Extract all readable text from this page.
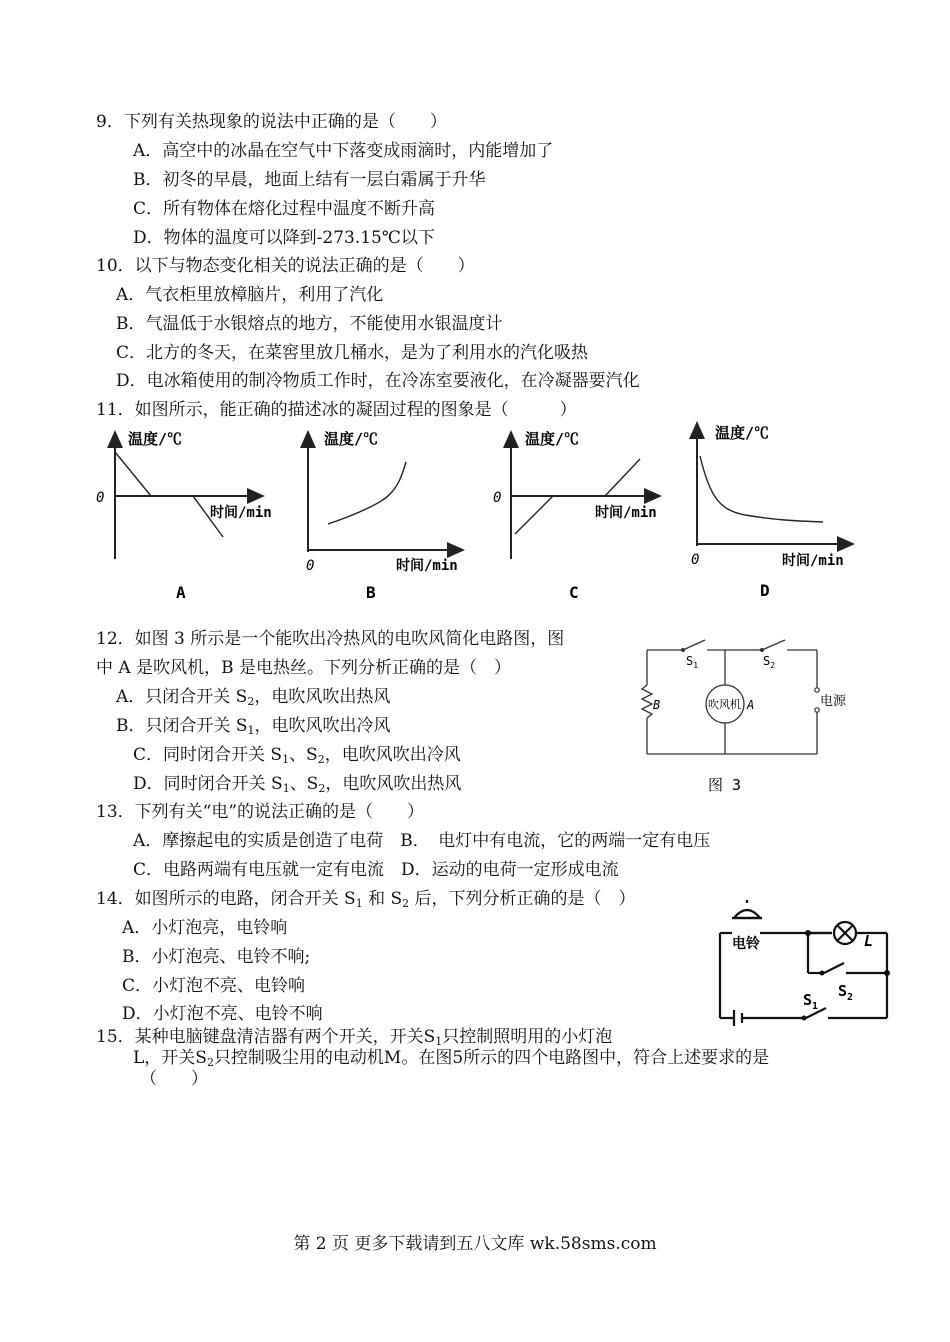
9．下列有关热现象的说法中正确的是（　　）
A．高空中的冰晶在空气中下落变成雨滴时，内能增加了
B．初冬的早晨，地面上结有一层白霜属于升华
C．所有物体在熔化过程中温度不断升高
D．物体的温度可以降到-273.15℃以下
10．以下与物态变化相关的说法正确的是（　　）
A．气衣柜里放樟脑片，利用了汽化
B．气温低于水银熔点的地方，不能使用水银温度计
C．北方的冬天，在菜窖里放几桶水，是为了利用水的汽化吸热
D．电冰箱使用的制冷物质工作时，在冷冻室要液化，在冷凝器要汽化
11．如图所示，能正确的描述冰的凝固过程的图象是（　　　）
温度/℃
0
时间/min
A
温度/℃
0	时间/min
B
温度/℃
0
时间/min
C
温度/℃
0	时间/min
D
12．如图 3 所示是一个能吹出冷热风的电吹风简化电路图，图
中 A 是吹风机，B 是电热丝。下列分析正确的是（　）
A．只闭合开关 $S_2$，电吹风吹出热风
B．只闭合开关 $S_1$，电吹风吹出冷风
C．同时闭合开关 $S_1$、$S_2$，电吹风吹出冷风
D．同时闭合开关 $S_1$、$S_2$，电吹风吹出热风
$S_1$	$S_2$
B	吹风机 A	电源
图 3
13．下列有关“电”的说法正确的是（　　）
A．摩擦起电的实质是创造了电荷　B．　电灯中有电流，它的两端一定有电压
C．电路两端有电压就一定有电流　D．运动的电荷一定形成电流
14．如图所示的电路，闭合开关 $S_1$ 和 $S_2$ 后，下列分析正确的是（　）
A．小灯泡亮，电铃响
B．小灯泡亮、电铃不响;
C．小灯泡不亮、电铃响
D．小灯泡不亮、电铃不响
电铃	L
$S_2$
$S_1$
15．某种电脑键盘清洁器有两个开关，开关$S_1$只控制照明用的小灯泡
L，开关$S_2$只控制吸尘用的电动机M。在图5所示的四个电路图中，符合上述要求的是
（　　）
第 2 页 更多下载请到五八文库 wk.58sms.com
